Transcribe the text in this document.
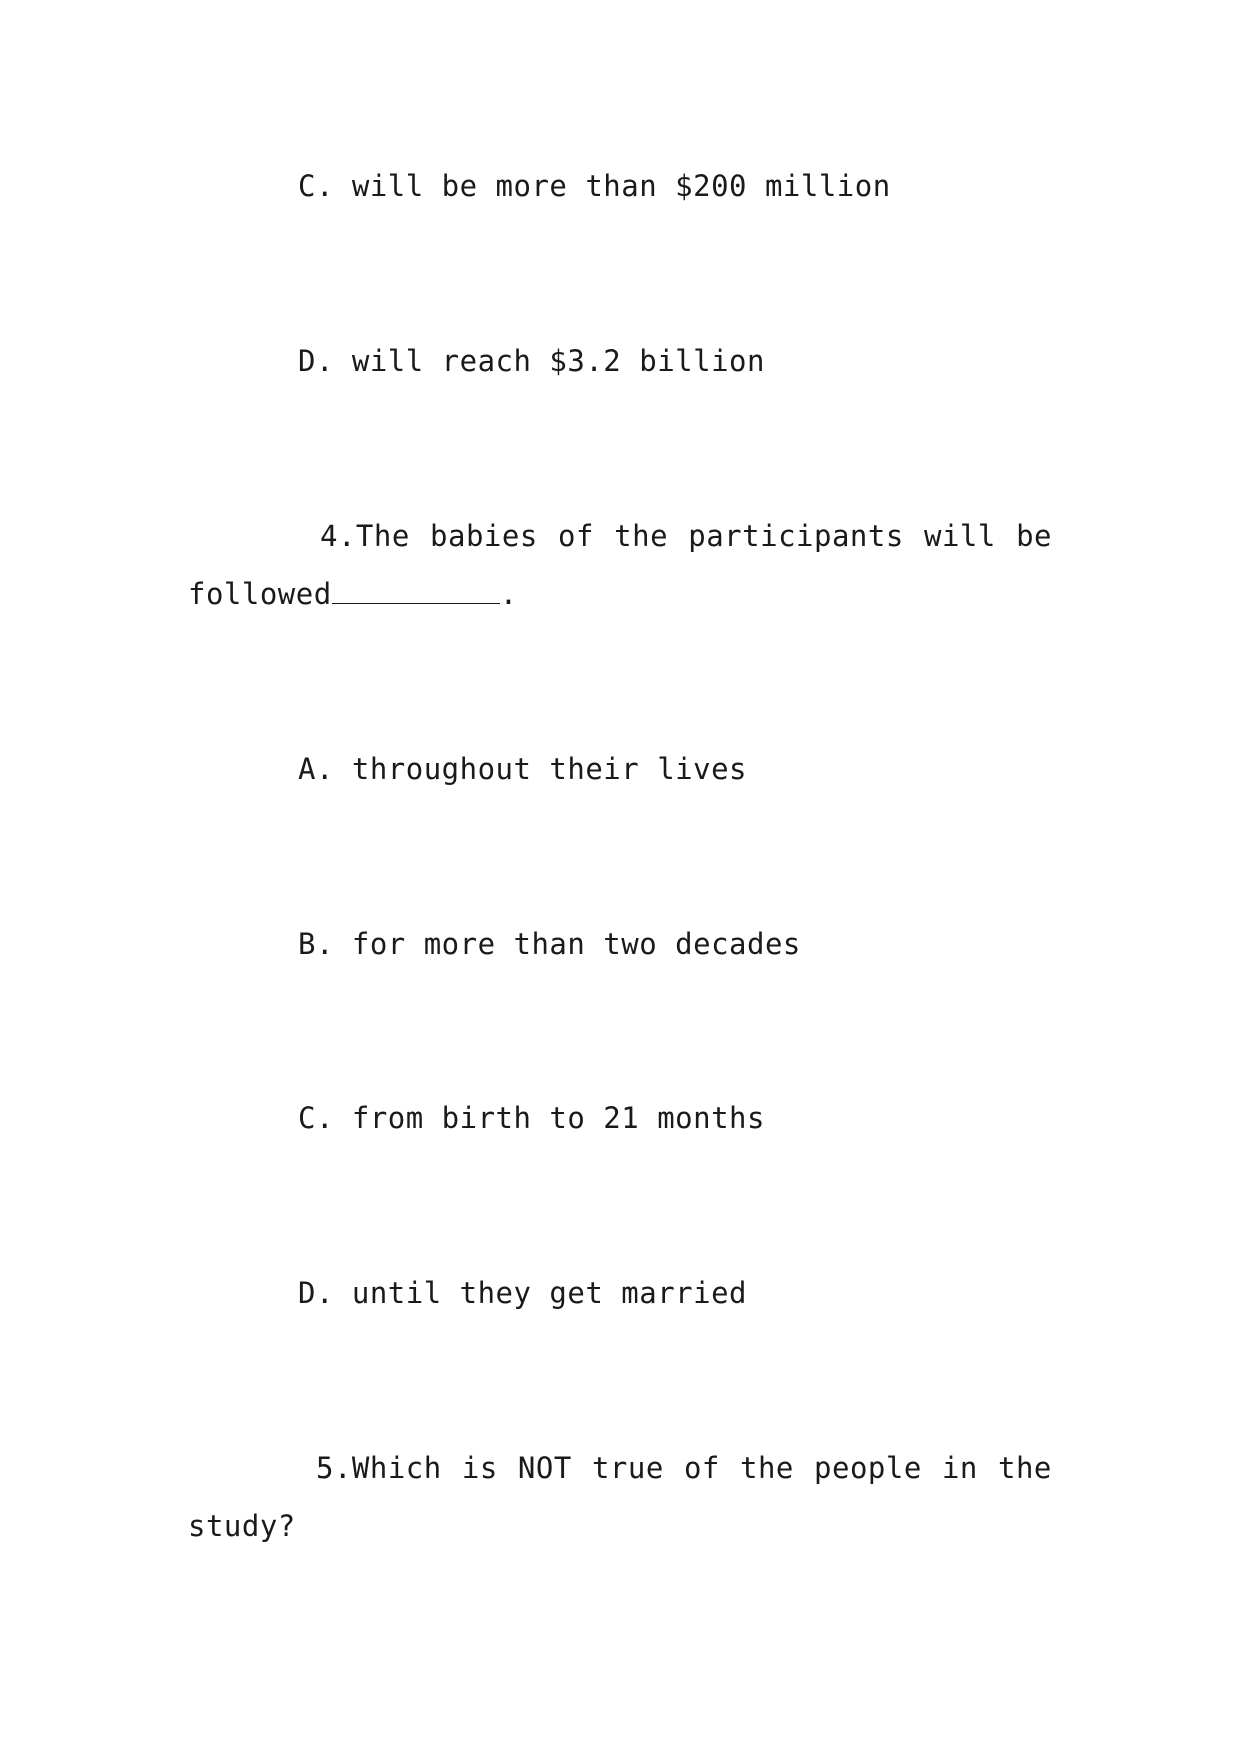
C. will be more than $200 million
D. will reach $3.2 billion
4.The babies of the participants will be
followed	.
A. throughout their lives
B. for more than two decades
C. from birth to 21 months
D. until they get married
5.Which is NOT true of the people in the
study?
